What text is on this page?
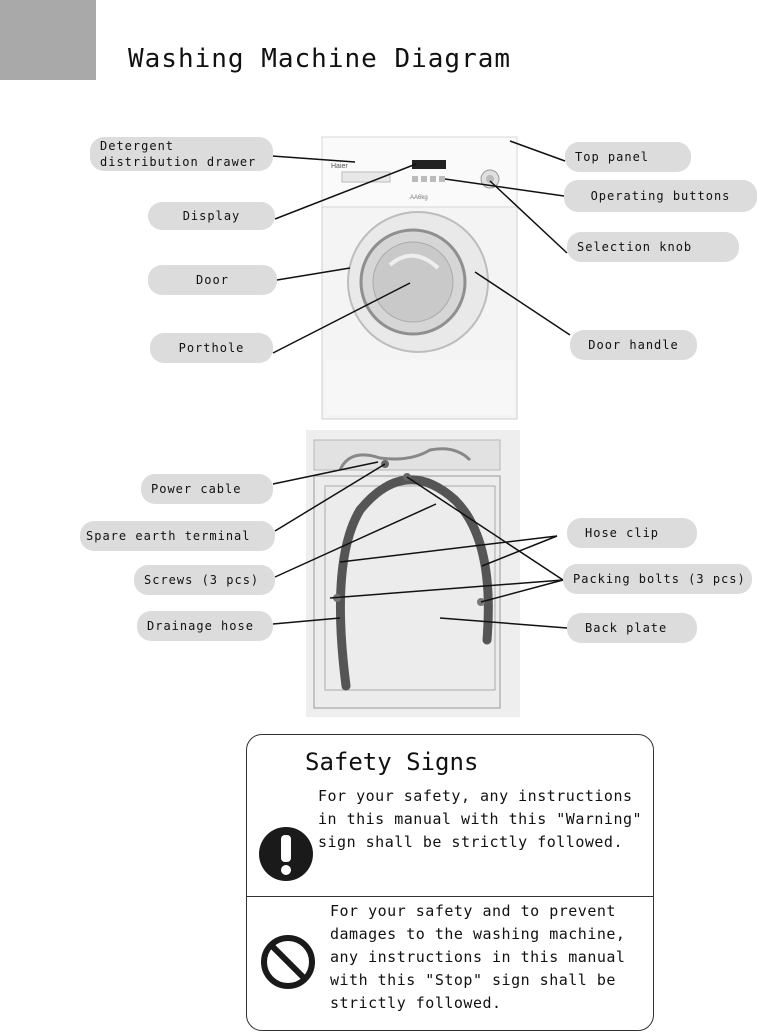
Washing Machine Diagram
Haier
AA6kg
Detergent
distribution drawer
Display
Door
Porthole
Top panel
Operating buttons
Selection knob
Door handle
Power cable
Spare earth terminal
Screws (3 pcs)
Drainage hose
Hose clip
Packing bolts (3 pcs)
Back plate
Safety Signs
For your safety, any instructions
in this manual with this "Warning"
sign shall be strictly followed.
For your safety and to prevent
damages to the washing machine,
any instructions in this manual
with this "Stop" sign shall be
strictly followed.
